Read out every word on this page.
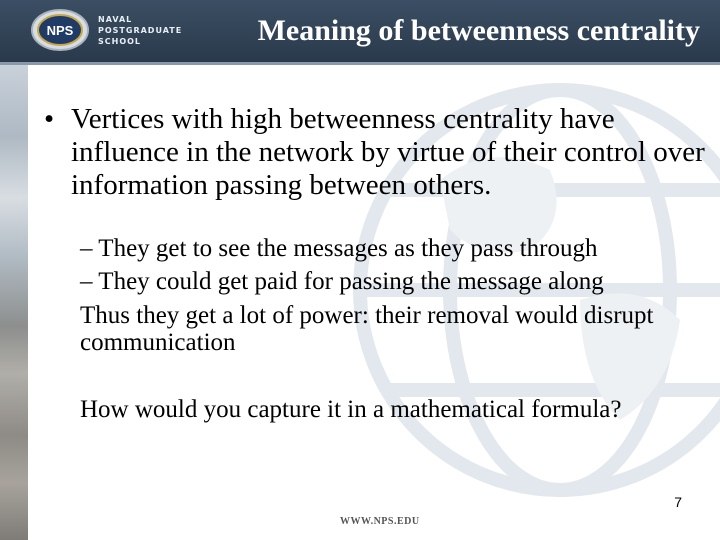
NPS
NAVAL
POSTGRADUATE
SCHOOL	Meaning of betweenness centrality
• Vertices with high betweenness centrality have influence in the network by virtue of their control over information passing between others.
– They get to see the messages as they pass through
– They could get paid for passing the message along
Thus they get a lot of power: their removal would disrupt communication
How would you capture it in a mathematical formula?
7
WWW.NPS.EDU
